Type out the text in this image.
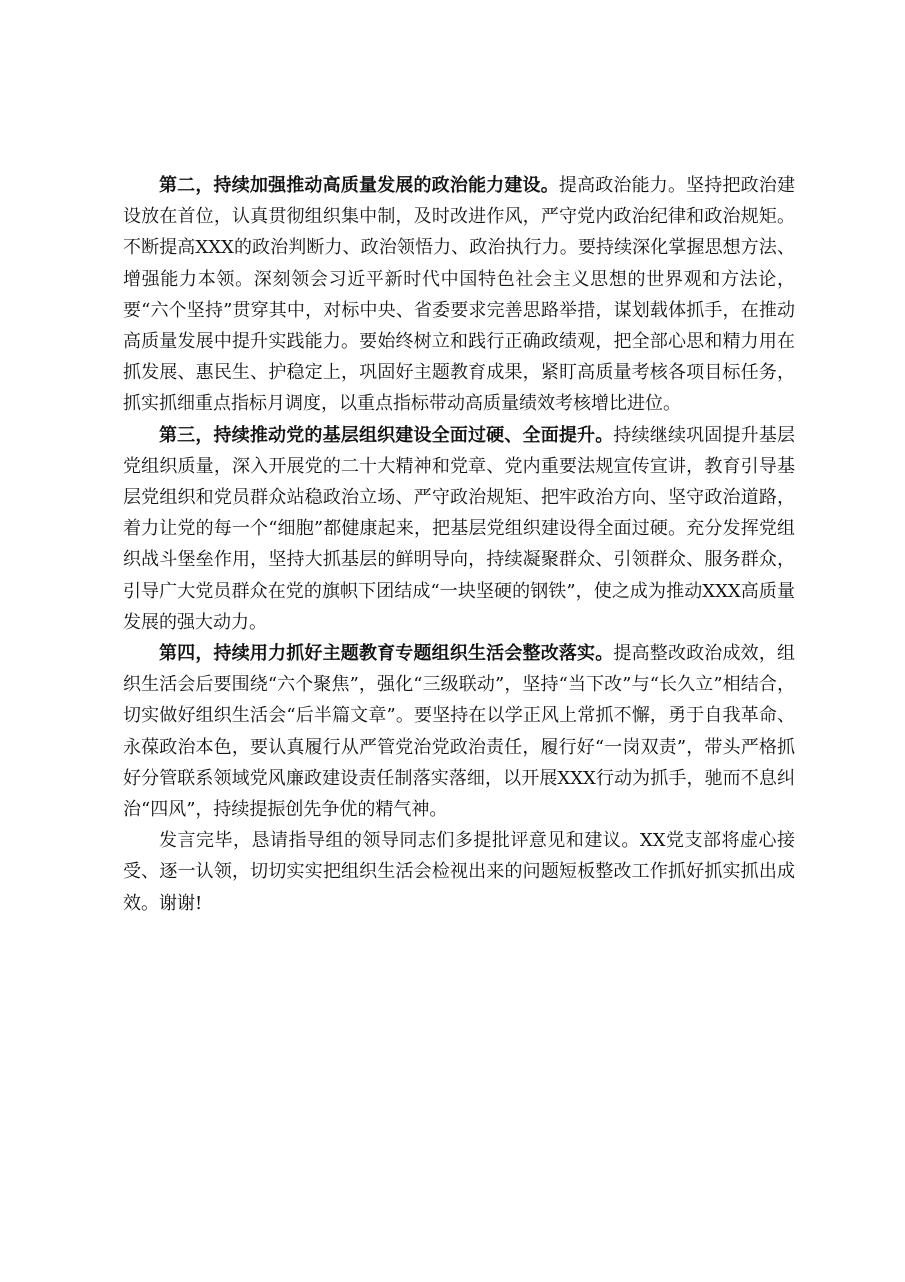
第二，持续加强推动高质量发展的政治能力建设。提高政治能力。坚持把政治建设放在首位，认真贯彻组织集中制，及时改进作风，严守党内政治纪律和政治规矩。不断提高XXX的政治判断力、政治领悟力、政治执行力。要持续深化掌握思想方法、增强能力本领。深刻领会习近平新时代中国特色社会主义思想的世界观和方法论，要“六个坚持”贯穿其中，对标中央、省委要求完善思路举措，谋划载体抓手，在推动高质量发展中提升实践能力。要始终树立和践行正确政绩观，把全部心思和精力用在抓发展、惠民生、护稳定上，巩固好主题教育成果，紧盯高质量考核各项目标任务，抓实抓细重点指标月调度，以重点指标带动高质量绩效考核增比进位。

第三，持续推动党的基层组织建设全面过硬、全面提升。持续继续巩固提升基层党组织质量，深入开展党的二十大精神和党章、党内重要法规宣传宣讲，教育引导基层党组织和党员群众站稳政治立场、严守政治规矩、把牢政治方向、坚守政治道路，着力让党的每一个“细胞”都健康起来，把基层党组织建设得全面过硬。充分发挥党组织战斗堡垒作用，坚持大抓基层的鲜明导向，持续凝聚群众、引领群众、服务群众，引导广大党员群众在党的旗帜下团结成“一块坚硬的钢铁”，使之成为推动XXX高质量发展的强大动力。

第四，持续用力抓好主题教育专题组织生活会整改落实。提高整改政治成效，组织生活会后要围绕“六个聚焦”，强化“三级联动”，坚持“当下改”与“长久立”相结合，切实做好组织生活会“后半篇文章”。要坚持在以学正风上常抓不懈，勇于自我革命、永葆政治本色，要认真履行从严管党治党政治责任，履行好“一岗双责”，带头严格抓好分管联系领域党风廉政建设责任制落实落细，以开展XXX行动为抓手，驰而不息纠治“四风”，持续提振创先争优的精气神。

发言完毕，恳请指导组的领导同志们多提批评意见和建议。XX党支部将虚心接受、逐一认领，切切实实把组织生活会检视出来的问题短板整改工作抓好抓实抓出成效。谢谢!
